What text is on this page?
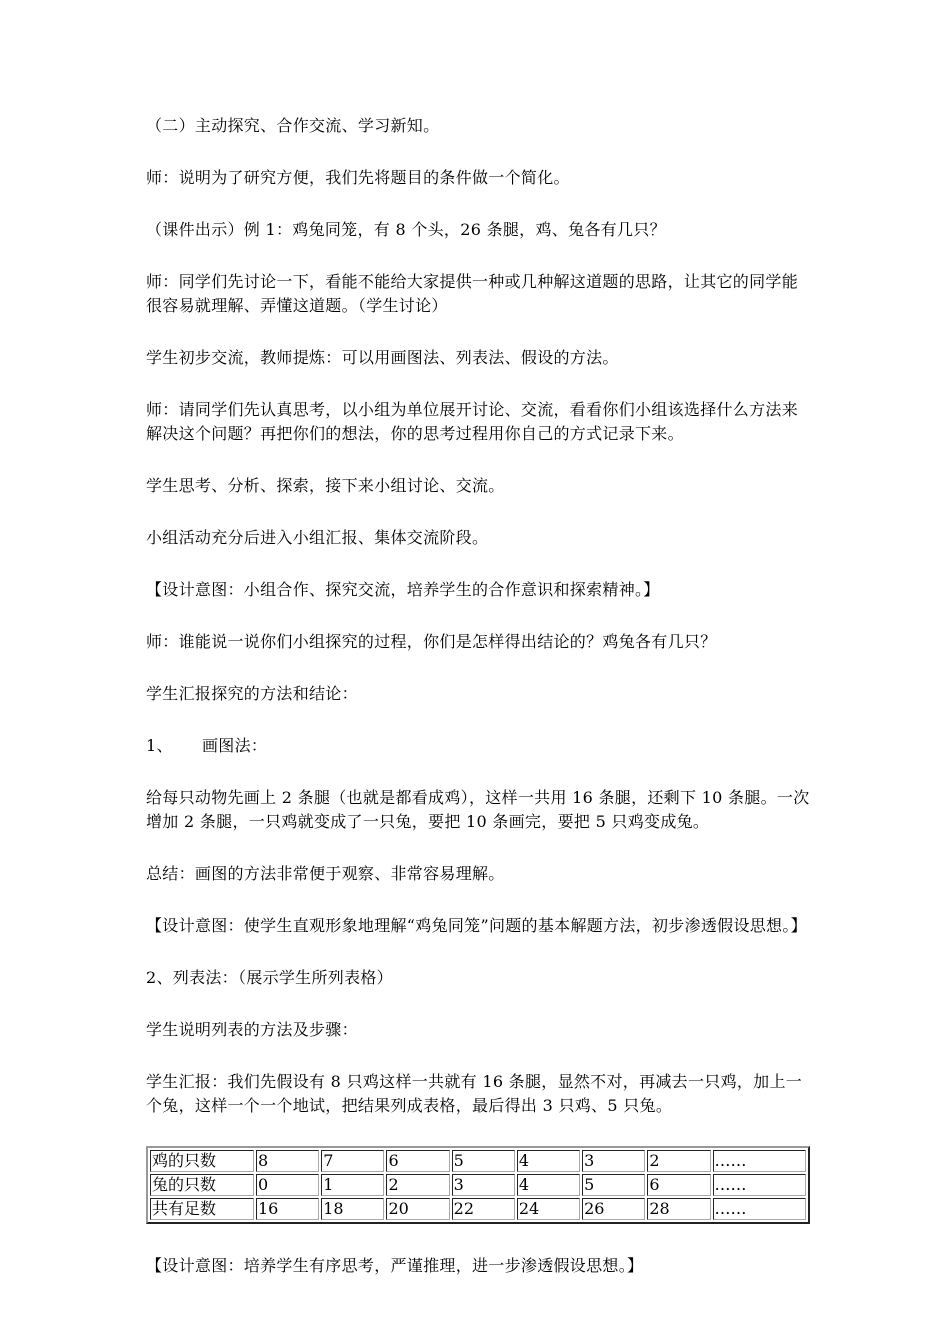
（二）主动探究、合作交流、学习新知。

师：说明为了研究方便，我们先将题目的条件做一个简化。

（课件出示）例 1：鸡兔同笼，有 8 个头，26 条腿，鸡、兔各有几只？

师：同学们先讨论一下，看能不能给大家提供一种或几种解这道题的思路，让其它的同学能很容易就理解、弄懂这道题。（学生讨论）

学生初步交流，教师提炼：可以用画图法、列表法、假设的方法。

师：请同学们先认真思考，以小组为单位展开讨论、交流，看看你们小组该选择什么方法来解决这个问题？再把你们的想法，你的思考过程用你自己的方式记录下来。

学生思考、分析、探索，接下来小组讨论、交流。

小组活动充分后进入小组汇报、集体交流阶段。

【设计意图：小组合作、探究交流，培养学生的合作意识和探索精神。】

师：谁能说一说你们小组探究的过程，你们是怎样得出结论的？鸡兔各有几只？

学生汇报探究的方法和结论：

1、 画图法：

给每只动物先画上 2 条腿（也就是都看成鸡），这样一共用 16 条腿，还剩下 10 条腿。一次增加 2 条腿，一只鸡就变成了一只兔，要把 10 条画完，要把 5 只鸡变成兔。

总结：画图的方法非常便于观察、非常容易理解。

【设计意图：使学生直观形象地理解“鸡兔同笼”问题的基本解题方法，初步渗透假设思想。】

2、列表法：（展示学生所列表格）

学生说明列表的方法及步骤：

学生汇报：我们先假设有 8 只鸡这样一共就有 16 条腿，显然不对，再减去一只鸡，加上一个兔，这样一个一个地试，把结果列成表格，最后得出 3 只鸡、5 只兔。

鸡的只数	8	7	6	5	4	3	2	……
兔的只数	0	1	2	3	4	5	6	……
共有足数	16	18	20	22	24	26	28	……

【设计意图：培养学生有序思考，严谨推理，进一步渗透假设思想。】
